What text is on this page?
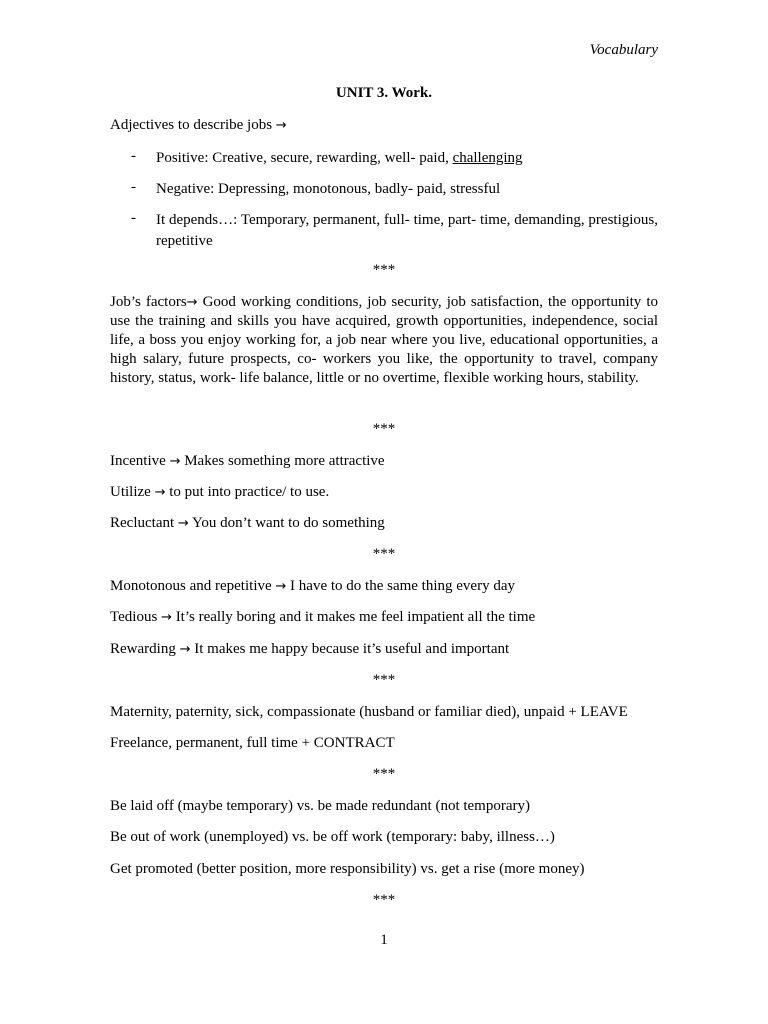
Vocabulary
UNIT 3. Work.
Adjectives to describe jobs →
- Positive: Creative, secure, rewarding, well- paid, challenging
- Negative: Depressing, monotonous, badly- paid, stressful
- It depends…: Temporary, permanent, full- time, part- time, demanding, prestigious, repetitive
***
Job’s factors→ Good working conditions, job security, job satisfaction, the opportunity to use the training and skills you have acquired, growth opportunities, independence, social life, a boss you enjoy working for, a job near where you live, educational opportunities, a high salary, future prospects, co- workers you like, the opportunity to travel, company history, status, work- life balance, little or no overtime, flexible working hours, stability.
***
Incentive → Makes something more attractive
Utilize → to put into practice/ to use.
Recluctant → You don’t want to do something
***
Monotonous and repetitive → I have to do the same thing every day
Tedious → It’s really boring and it makes me feel impatient all the time
Rewarding → It makes me happy because it’s useful and important
***
Maternity, paternity, sick, compassionate (husband or familiar died), unpaid + LEAVE
Freelance, permanent, full time + CONTRACT
***
Be laid off (maybe temporary) vs. be made redundant (not temporary)
Be out of work (unemployed) vs. be off work (temporary: baby, illness…)
Get promoted (better position, more responsibility) vs. get a rise (more money)
***
1
